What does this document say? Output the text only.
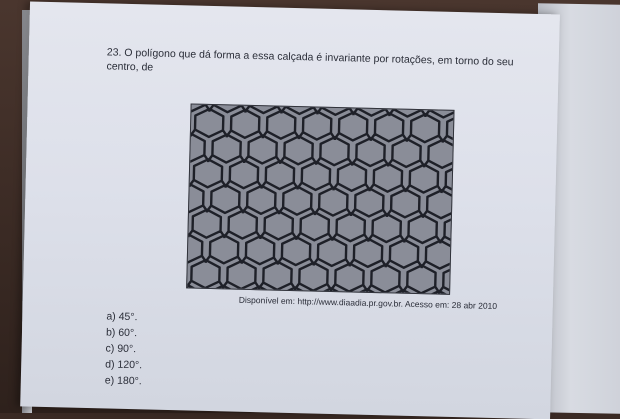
23. O polígono que dá forma a essa calçada é invariante por rotações, em torno do seu centro, de
Disponível em: http://www.diaadia.pr.gov.br. Acesso em: 28 abr 2010
a) 45°.
b) 60°.
c) 90°.
d) 120°.
e) 180°.
